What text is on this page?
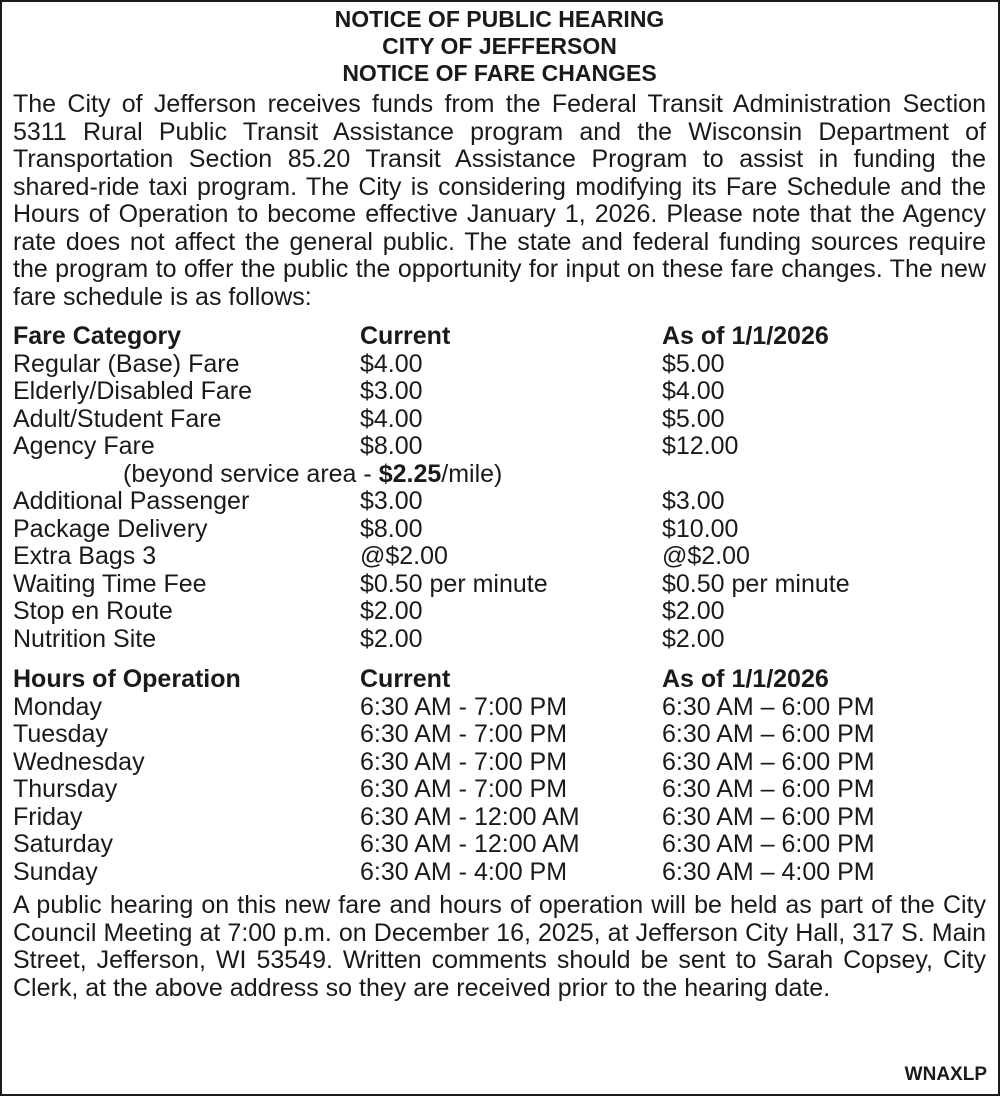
NOTICE OF PUBLIC HEARING

CITY OF JEFFERSON

NOTICE OF FARE CHANGES

The City of Jefferson receives funds from the Federal Transit Administration Section 5311 Rural Public Transit Assistance program and the Wisconsin Department of Transportation Section 85.20 Transit Assistance Program to assist in funding the shared-ride taxi program. The City is considering modifying its Fare Schedule and the Hours of Operation to become effective January 1, 2026. Please note that the Agency rate does not affect the general public. The state and federal funding sources require the program to offer the public the opportunity for input on these fare changes. The new fare schedule is as follows:

Fare Category	Current	As of 1/1/2026
Regular (Base) Fare	$4.00	$5.00
Elderly/Disabled Fare	$3.00	$4.00
Adult/Student Fare	$4.00	$5.00
Agency Fare	$8.00	$12.00
(beyond service area - $2.25/mile)
Additional Passenger	$3.00	$3.00
Package Delivery	$8.00	$10.00
Extra Bags 3	@$2.00	@$2.00
Waiting Time Fee	$0.50 per minute	$0.50 per minute
Stop en Route	$2.00	$2.00
Nutrition Site	$2.00	$2.00
Hours of Operation	Current	As of 1/1/2026
Monday	6:30 AM - 7:00 PM	6:30 AM – 6:00 PM
Tuesday	6:30 AM - 7:00 PM	6:30 AM – 6:00 PM
Wednesday	6:30 AM - 7:00 PM	6:30 AM – 6:00 PM
Thursday	6:30 AM - 7:00 PM	6:30 AM – 6:00 PM
Friday	6:30 AM - 12:00 AM	6:30 AM – 6:00 PM
Saturday	6:30 AM - 12:00 AM	6:30 AM – 6:00 PM
Sunday	6:30 AM - 4:00 PM	6:30 AM – 4:00 PM

A public hearing on this new fare and hours of operation will be held as part of the City Council Meeting at 7:00 p.m. on December 16, 2025, at Jefferson City Hall, 317 S. Main Street, Jefferson, WI 53549. Written comments should be sent to Sarah Copsey, City Clerk, at the above address so they are received prior to the hearing date.

WNAXLP
